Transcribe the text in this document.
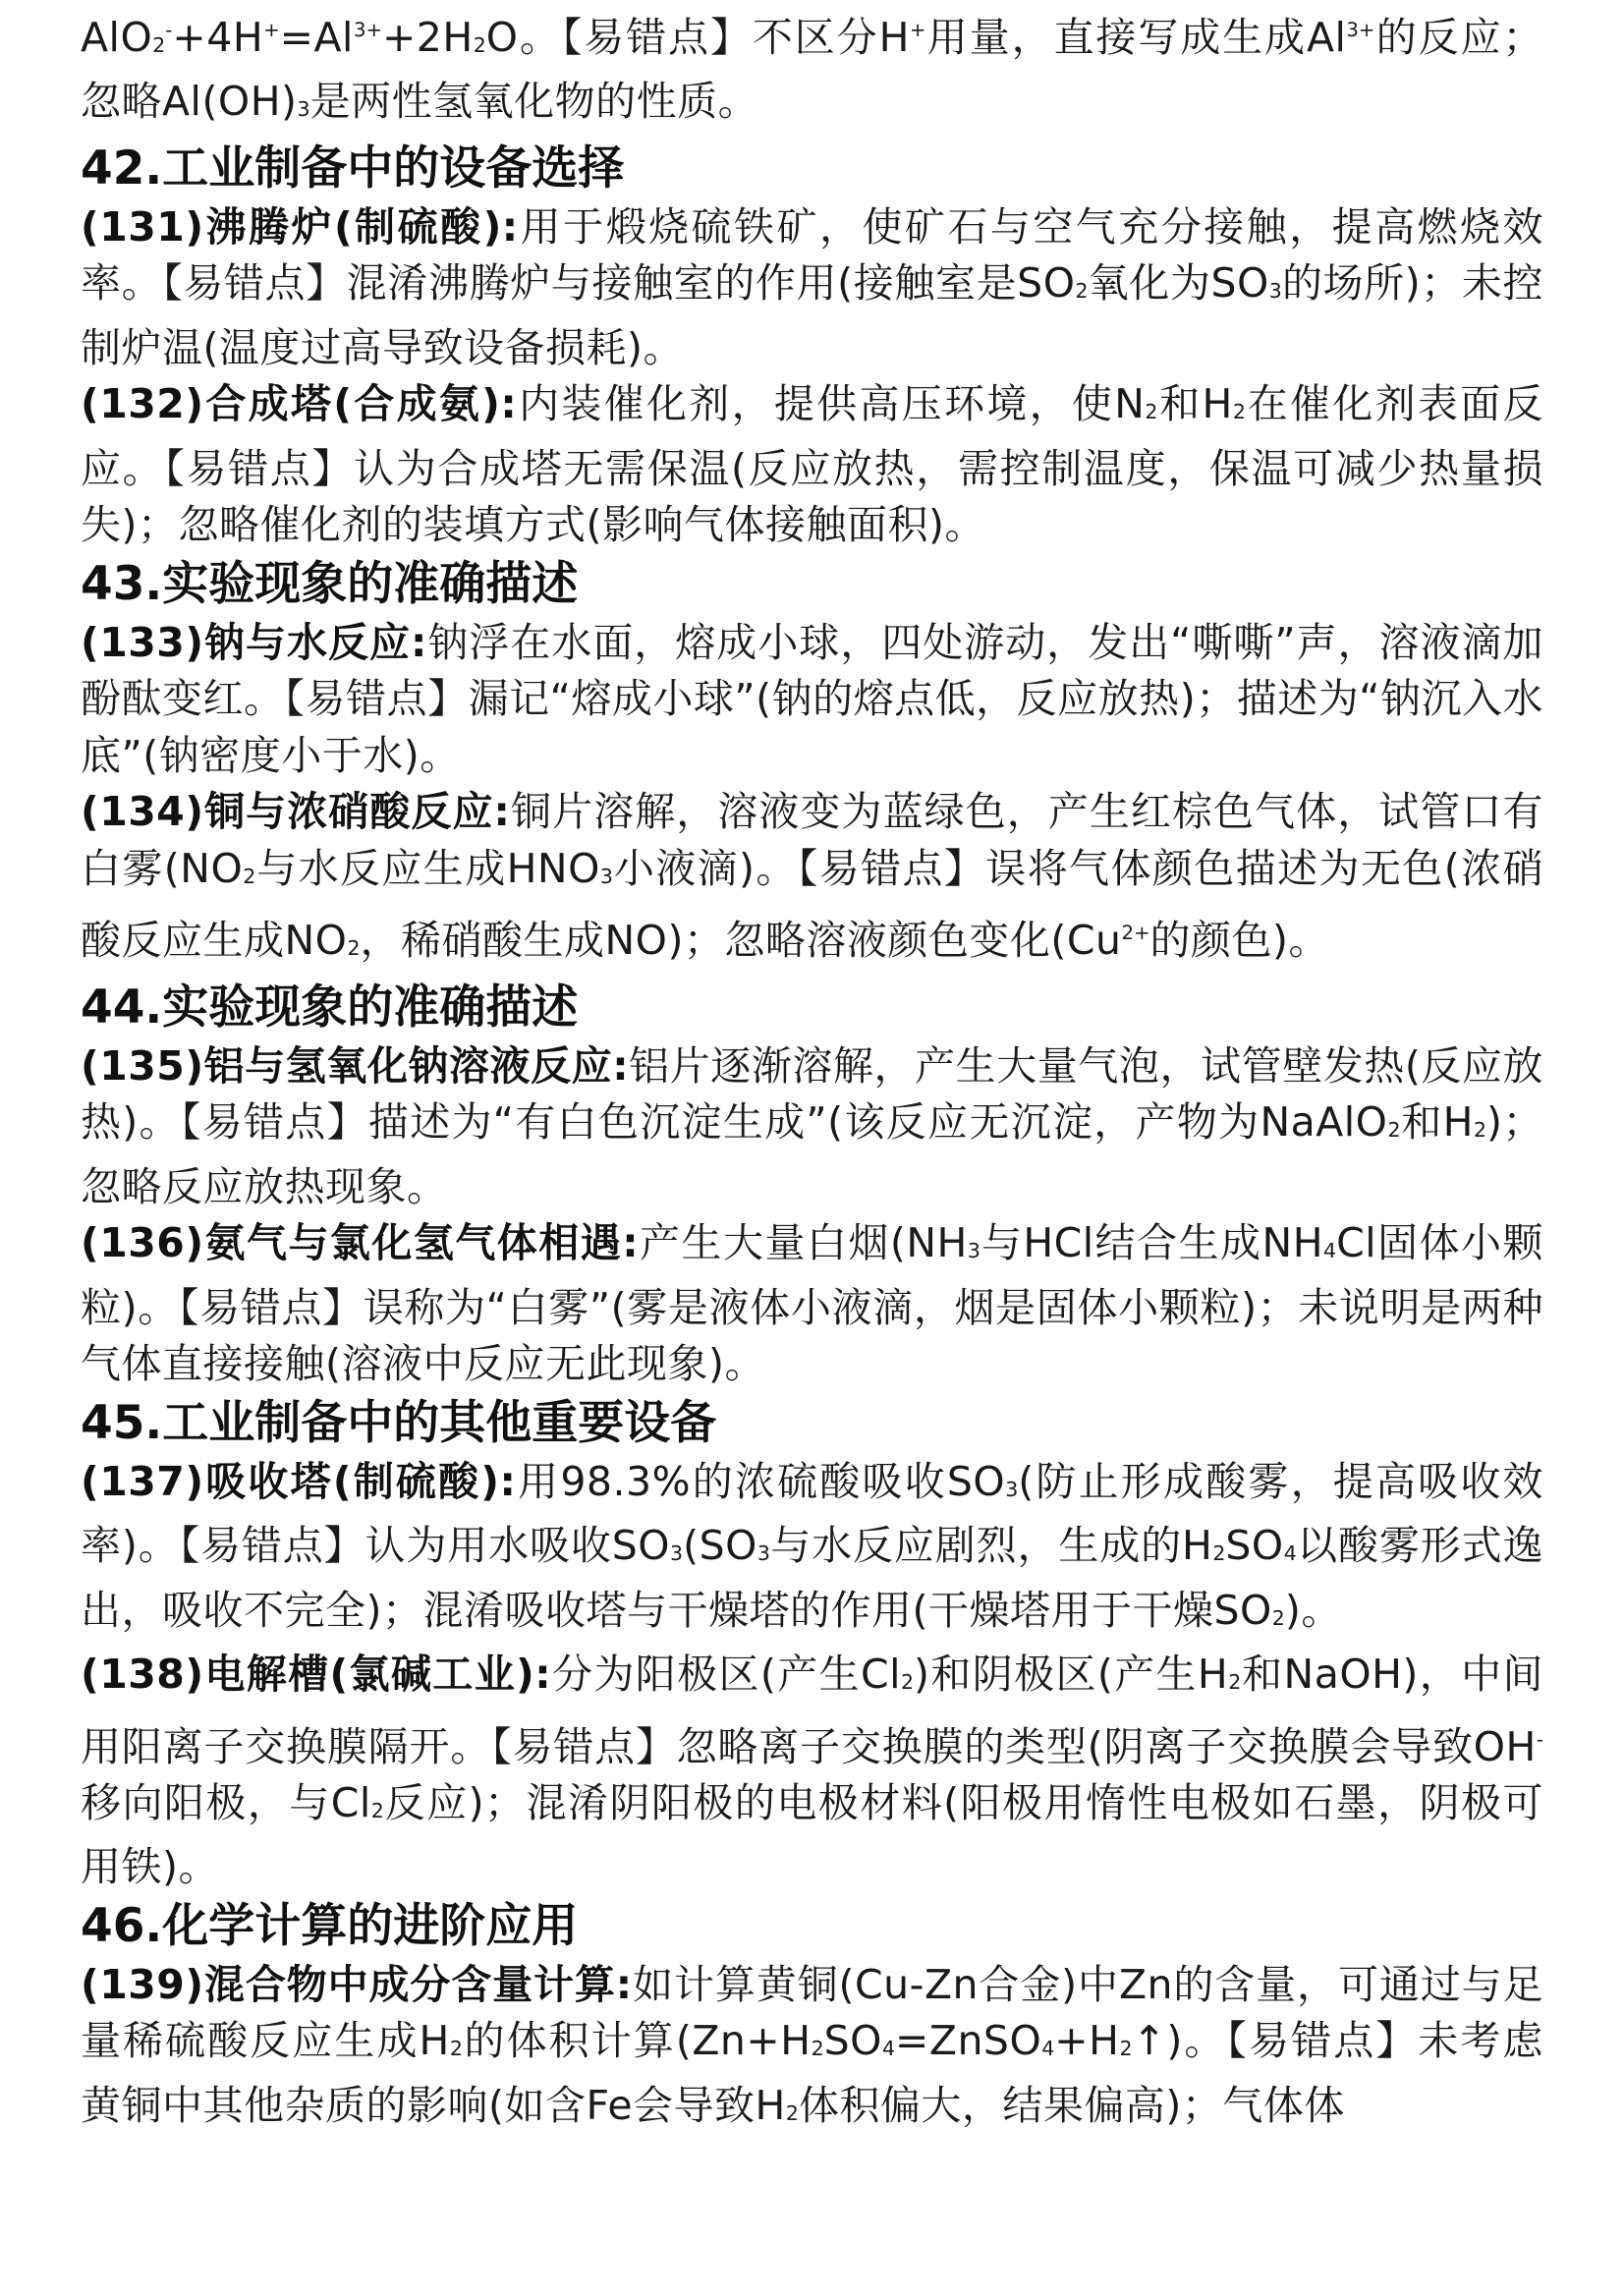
$AlO2^-+4H^+=Al^{3+}+2H2O$。【易错点】不区分H+用量，直接写成生成$Al^{3+}$的反应；忽略Al(OH)3是两性氢氧化物的性质。
42.工业制备中的设备选择
(131)沸腾炉(制硫酸):用于煅烧硫铁矿，使矿石与空气充分接触，提高燃烧效率。【易错点】混淆沸腾炉与接触室的作用(接触室是SO2氧化为SO3的场所)；未控制炉温(温度过高导致设备损耗)。
(132)合成塔(合成氨):内装催化剂，提供高压环境，使N2和H2在催化剂表面反应。【易错点】认为合成塔无需保温(反应放热，需控制温度，保温可减少热量损失)；忽略催化剂的装填方式(影响气体接触面积)。
43.实验现象的准确描述
(133)钠与水反应:钠浮在水面，熔成小球，四处游动，发出“嘶嘶”声，溶液滴加酚酞变红。【易错点】漏记“熔成小球”(钠的熔点低，反应放热)；描述为“钠沉入水底”(钠密度小于水)。
(134)铜与浓硝酸反应:铜片溶解，溶液变为蓝绿色，产生红棕色气体，试管口有白雾(NO2与水反应生成HNO3小液滴)。【易错点】误将气体颜色描述为无色(浓硝酸反应生成NO2，稀硝酸生成NO)；忽略溶液颜色变化($Cu^{2+}$的颜色)。
44.实验现象的准确描述
(135)铝与氢氧化钠溶液反应:铝片逐渐溶解，产生大量气泡，试管壁发热(反应放热)。【易错点】描述为“有白色沉淀生成”(该反应无沉淀，产物为NaAlO2和H2)；忽略反应放热现象。
(136)氨气与氯化氢气体相遇:产生大量白烟(NH3与HCl结合生成NH4Cl固体小颗粒)。【易错点】误称为“白雾”(雾是液体小液滴，烟是固体小颗粒)；未说明是两种气体直接接触(溶液中反应无此现象)。
45.工业制备中的其他重要设备
(137)吸收塔(制硫酸):用98.3%的浓硫酸吸收SO3(防止形成酸雾，提高吸收效率)。【易错点】认为用水吸收SO3(SO3与水反应剧烈，生成的H2SO4以酸雾形式逸出，吸收不完全)；混淆吸收塔与干燥塔的作用(干燥塔用于干燥SO2)。
(138)电解槽(氯碱工业):分为阳极区(产生Cl2)和阴极区(产生H2和NaOH)，中间用阳离子交换膜隔开。【易错点】忽略离子交换膜的类型(阴离子交换膜会导致OH-移向阳极，与Cl2反应)；混淆阴阳极的电极材料(阳极用惰性电极如石墨，阴极可用铁)。
46.化学计算的进阶应用
(139)混合物中成分含量计算:如计算黄铜(Cu-Zn合金)中Zn的含量，可通过与足量稀硫酸反应生成H2的体积计算(Zn+H2SO4=ZnSO4+H2↑)。【易错点】未考虑黄铜中其他杂质的影响(如含Fe会导致H2体积偏大，结果偏高)；气体体
